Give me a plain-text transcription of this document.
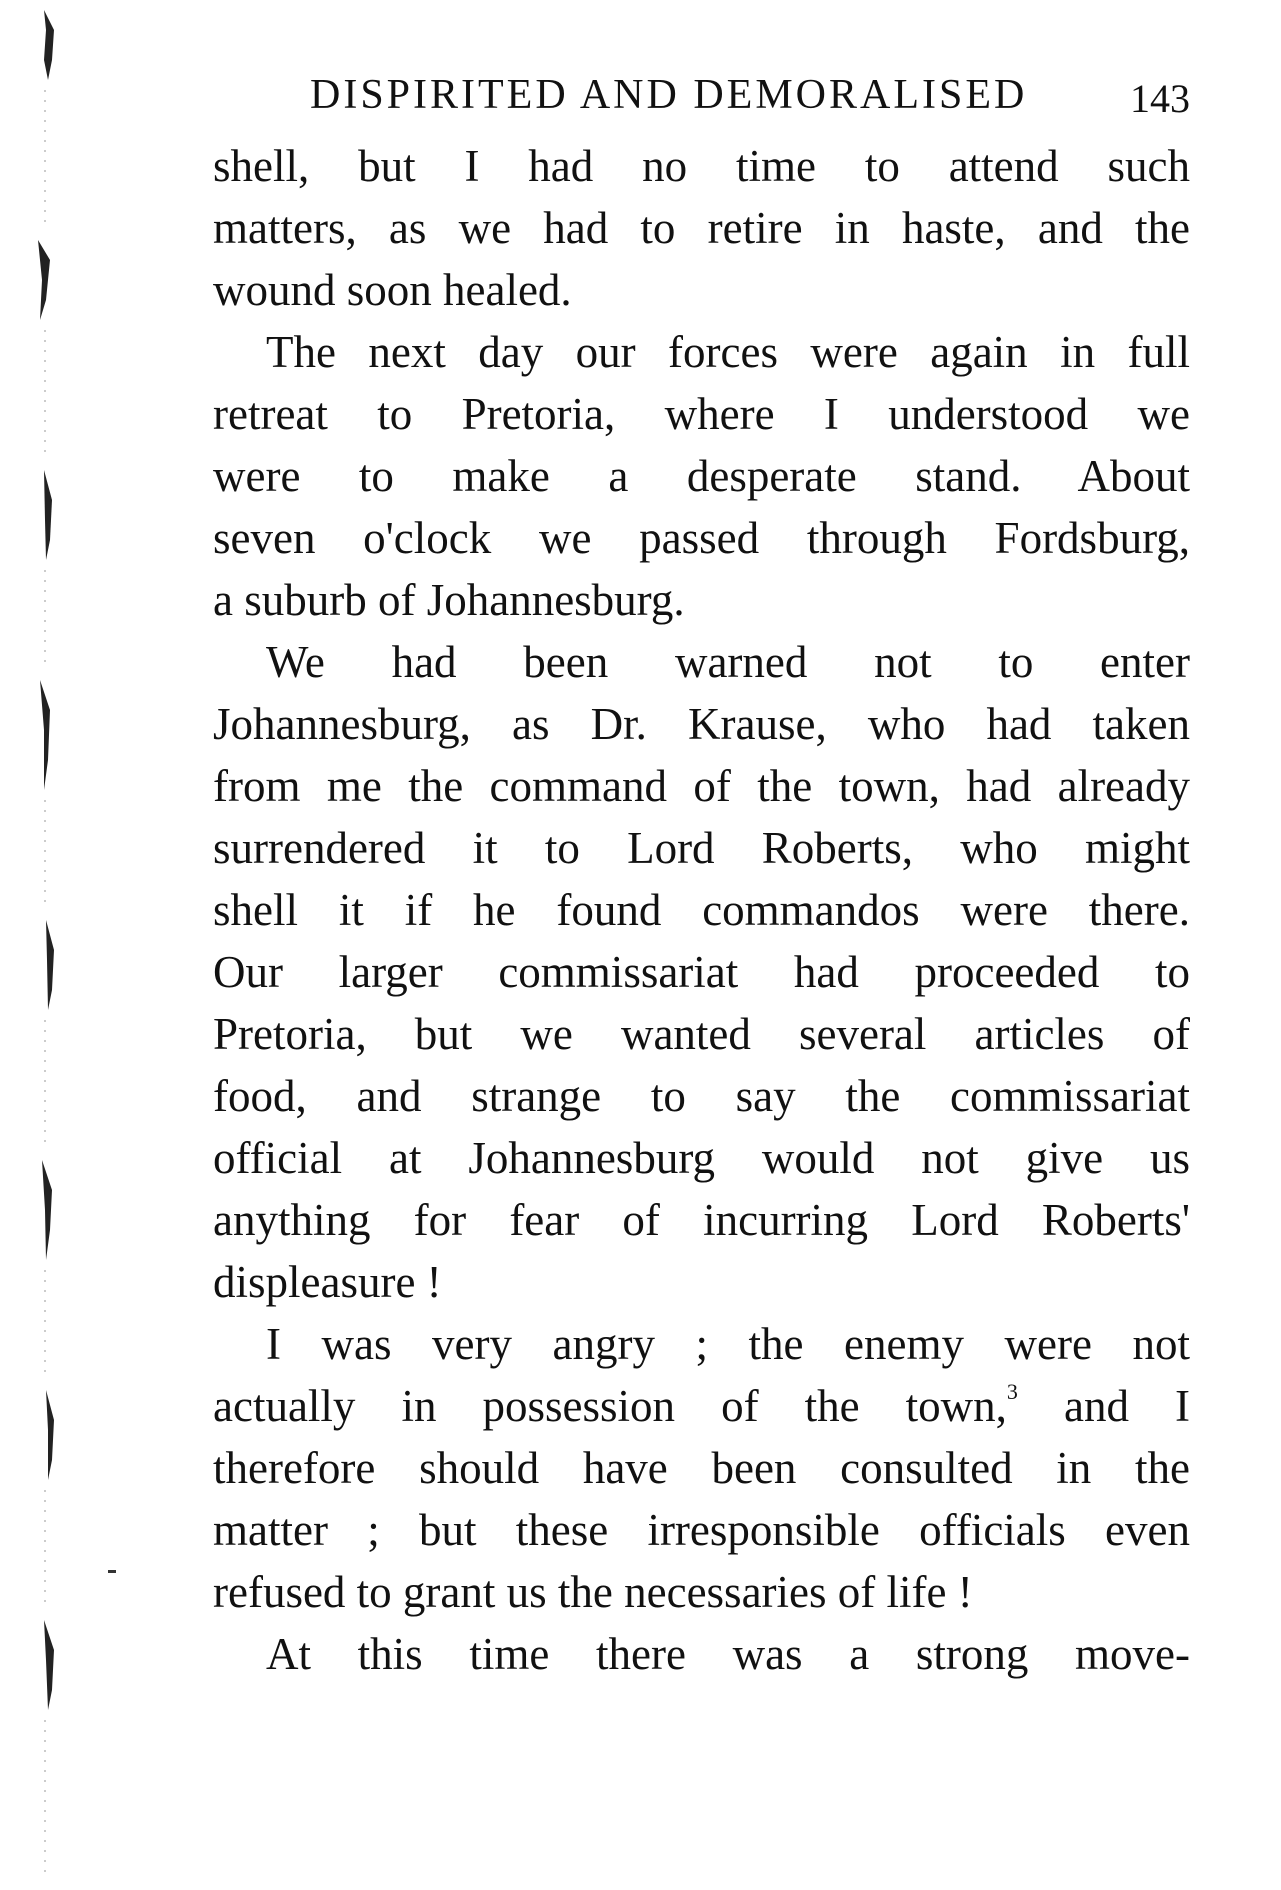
DISPIRITED AND DEMORALISED	143
shell, but I had no time to attend such
matters, as we had to retire in haste, and the
wound soon healed.
The next day our forces were again in full
retreat to Pretoria, where I understood we
were to make a desperate stand. About
seven o'clock we passed through Fordsburg,
a suburb of Johannesburg.
We had been warned not to enter
Johannesburg, as Dr. Krause, who had taken
from me the command of the town, had already
surrendered it to Lord Roberts, who might
shell it if he found commandos were there.
Our larger commissariat had proceeded to
Pretoria, but we wanted several articles of
food, and strange to say the commissariat
official at Johannesburg would not give us
anything for fear of incurring Lord Roberts'
displeasure !
I was very angry ; the enemy were not
actually in possession of the town,$^3$ and I
therefore should have been consulted in the
matter ; but these irresponsible officials even
refused to grant us the necessaries of life !
At this time there was a strong move-
